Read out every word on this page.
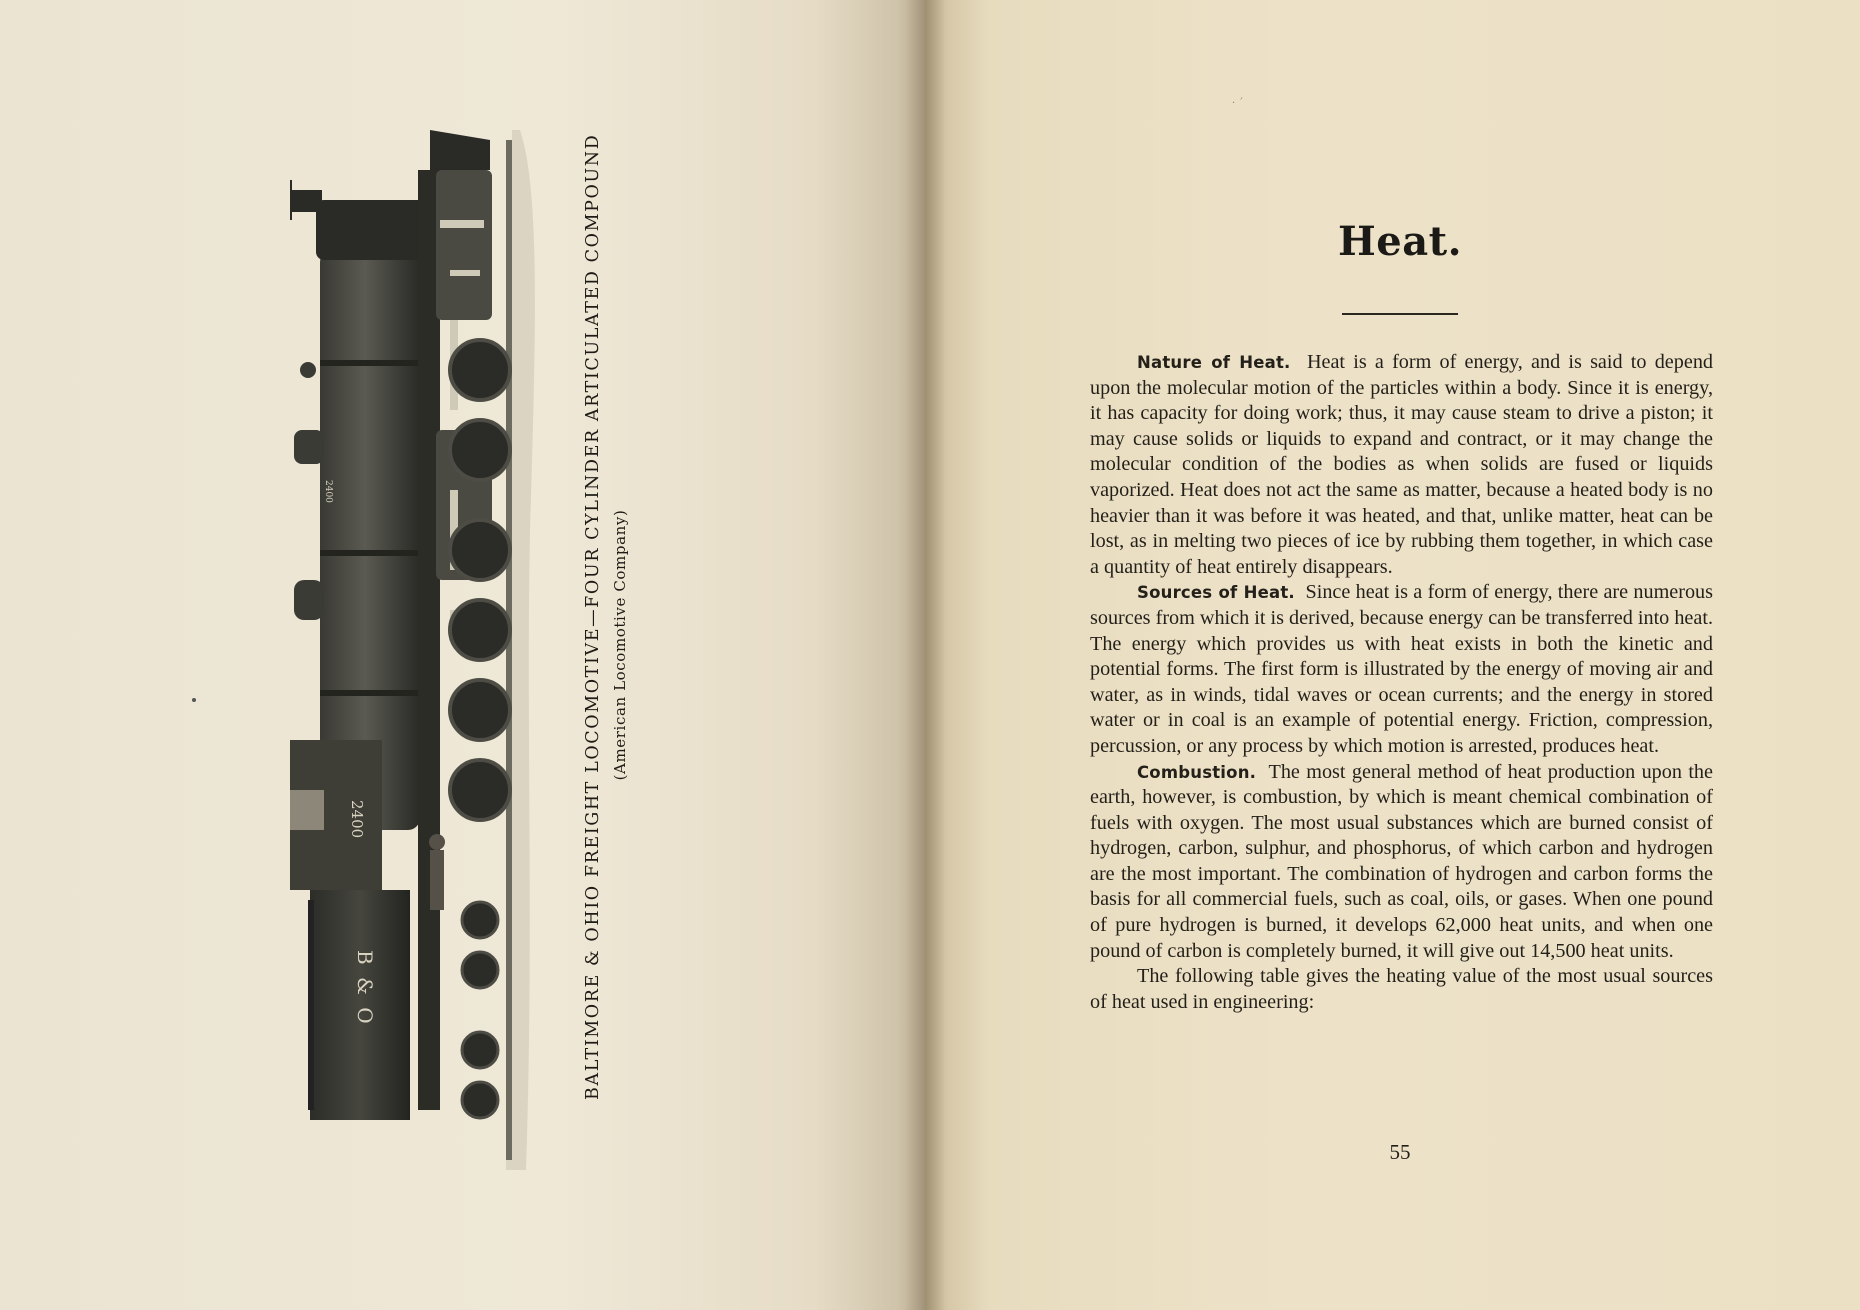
2400
2400
B & O	BALTIMORE & OHIO FREIGHT LOCOMOTIVE—FOUR CYLINDER ARTICULATED COMPOUND (American Locomotive Company)
· ´
Heat.

Nature of Heat. Heat is a form of energy, and is said to depend upon the molecular motion of the particles within a body. Since it is energy, it has capacity for doing work; thus, it may cause steam to drive a piston; it may cause solids or liquids to expand and contract, or it may change the molecular condition of the bodies as when solids are fused or liquids vaporized. Heat does not act the same as matter, because a heated body is no heavier than it was before it was heated, and that, unlike matter, heat can be lost, as in melting two pieces of ice by rubbing them together, in which case a quantity of heat entirely disappears.

Sources of Heat. Since heat is a form of energy, there are numerous sources from which it is derived, because energy can be transferred into heat. The energy which provides us with heat exists in both the kinetic and potential forms. The first form is illustrated by the energy of moving air and water, as in winds, tidal waves or ocean currents; and the energy in stored water or in coal is an example of potential energy. Friction, compression, percussion, or any process by which motion is arrested, produces heat.

Combustion. The most general method of heat production upon the earth, however, is combustion, by which is meant chemical combination of fuels with oxygen. The most usual substances which are burned consist of hydrogen, carbon, sulphur, and phosphorus, of which carbon and hydrogen are the most important. The combination of hydrogen and carbon forms the basis for all commercial fuels, such as coal, oils, or gases. When one pound of pure hydrogen is burned, it develops 62,000 heat units, and when one pound of carbon is completely burned, it will give out 14,500 heat units.

The following table gives the heating value of the most usual sources of heat used in engineering:

55
